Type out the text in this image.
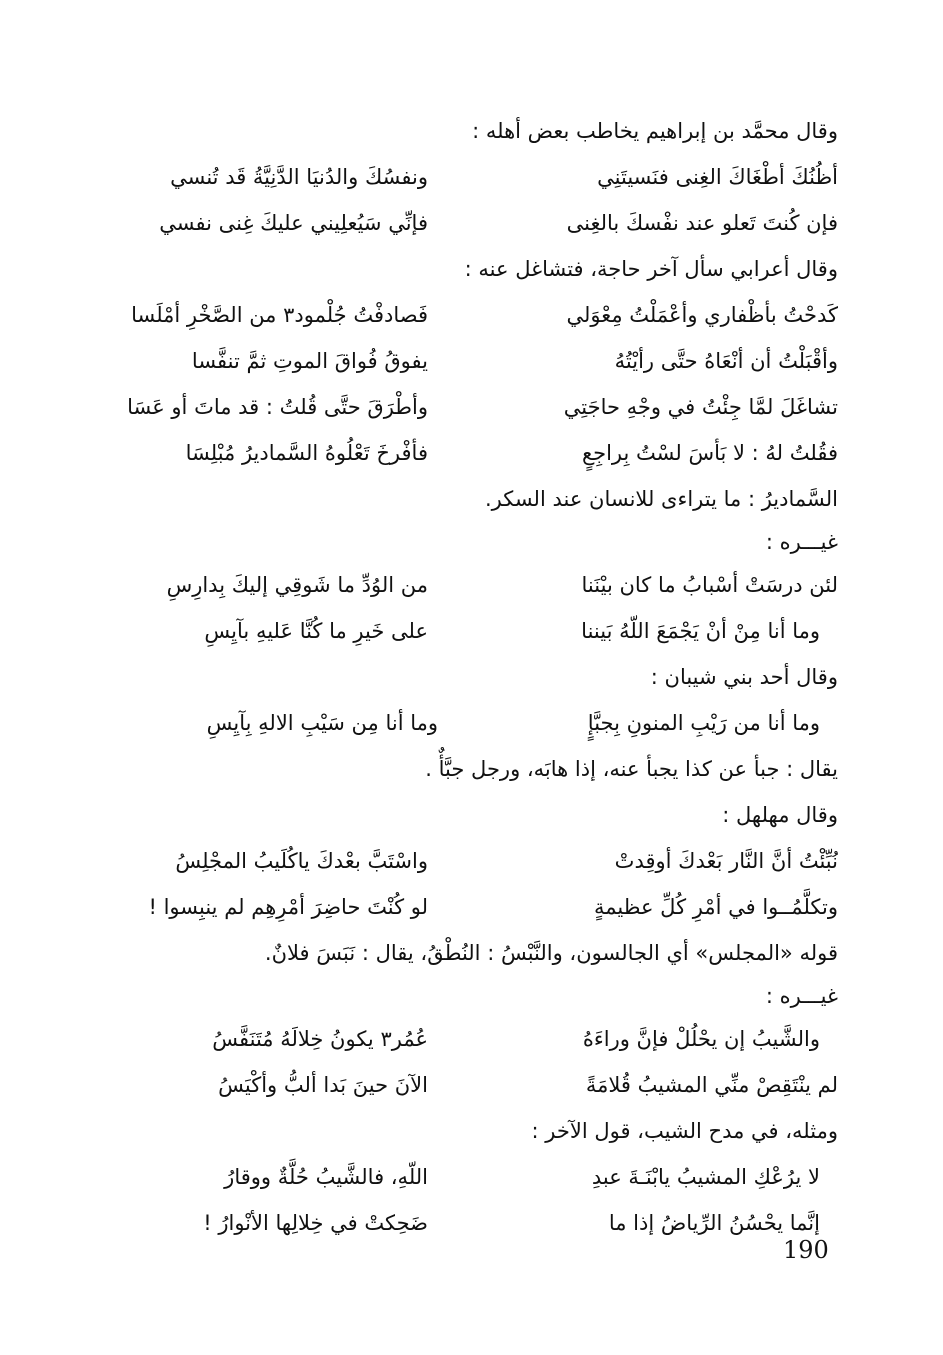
وقال محمَّد بن إبراهيم يخاطب بعض أهله :
أظُنُكَ أطْغَاكَ الغِنى فنَسيتَنِي
ونفسُكَ والدُنيَا الدَّنِيَّةُ قَد تُنسي
فإن كُنتَ تَعلو عند نفْسكَ بالغِنى
فإنِّي سَيُعلِيني عليكَ غِنى نفسي
وقال أعرابي سأل آخر حاجة، فتشاغل عنه :
كَدحْتُ بأظْفاري وأعْمَلْتُ مِعْوَلي
فَصادفْتُ جُلْمود٣ من الصَّخْرِ أمْلَسا
وأقْبَلْتُ أن أنْعَاهُ حتَّى رأيْتُهُ
يفوقُ فُواقَ الموتِ ثمَّ تنفَّسا
تشاغَلَ لمَّا جِئْتُ في وجْهِ حاجَتِي
وأطْرَقَ حتَّى قُلتُ : قد ماتَ أو عَسَا
فقُلتُ لهُ : لا بَأسَ لسْتُ بِراجِعٍ
فأفْرخَ تَعْلُوهُ السَّماديرُ مُبْلِسَا
السَّماديرُ : ما يتراءى للانسان عند السكر.
غيـــره :
لئن درسَتْ أسْبابُ ما كان بيْنَنا
من الوُدِّ ما شَوقِي إليكَ بِدارِسِ
وما أنا مِنْ أنْ يَجْمَعَ اللّهُ بَيننا
على خَيرِ ما كُنَّا عَليهِ بآيِسِ
وقال أحد بني شيبان :
وما أنا من رَيْبِ المنونِ بِجبَّإٍ
وما أنا مِن سَيْبِ الالهِ بِآيِسِ
يقال : جبأ عن كذا يجبأ عنه، إذا هابَه، ورجل جبَّأٌ .
وقال مهلهل :
نُبِّئْتُ أنَّ النَّار بَعْدكَ أوقِدتْ
واسْتَبَّ بعْدكَ ياكُلَيبُ المجْلِسُ
وتكلَّمُــوا في أمْرِ كُلِّ عظيمةٍ
لو كُنْتَ حاضِرَ أمْرِهِم لم ينبِسوا !
قوله «المجلس» أي الجالسون، والنَّبْسُ : النُطْقُ، يقال : نَبَسَ فلانٌ.
غيـــره :
والشَّيبُ إن يحْلُلْ فإنَّ وراءَهُ
عُمُر٣ يكونُ خِلالَهُ مُتَنَفَّسُ
لم ينْتَقِصْ منِّي المشيبُ قُلامَةً
الآنَ حينَ بَدا ألبُّ وأكْيَسُ
ومثله، في مدح الشيب، قول الآخر :
لا يرُعْكِ المشيبُ يابْنَـةَ عبدِ
اللّهِ، فالشَّيبُ حُلَّةٌ ووقارُ
إنَّما يحْسُنُ الرِّياضُ إذا ما
ضَحِكتْ في خِلالِها الأنْوارُ !
190
